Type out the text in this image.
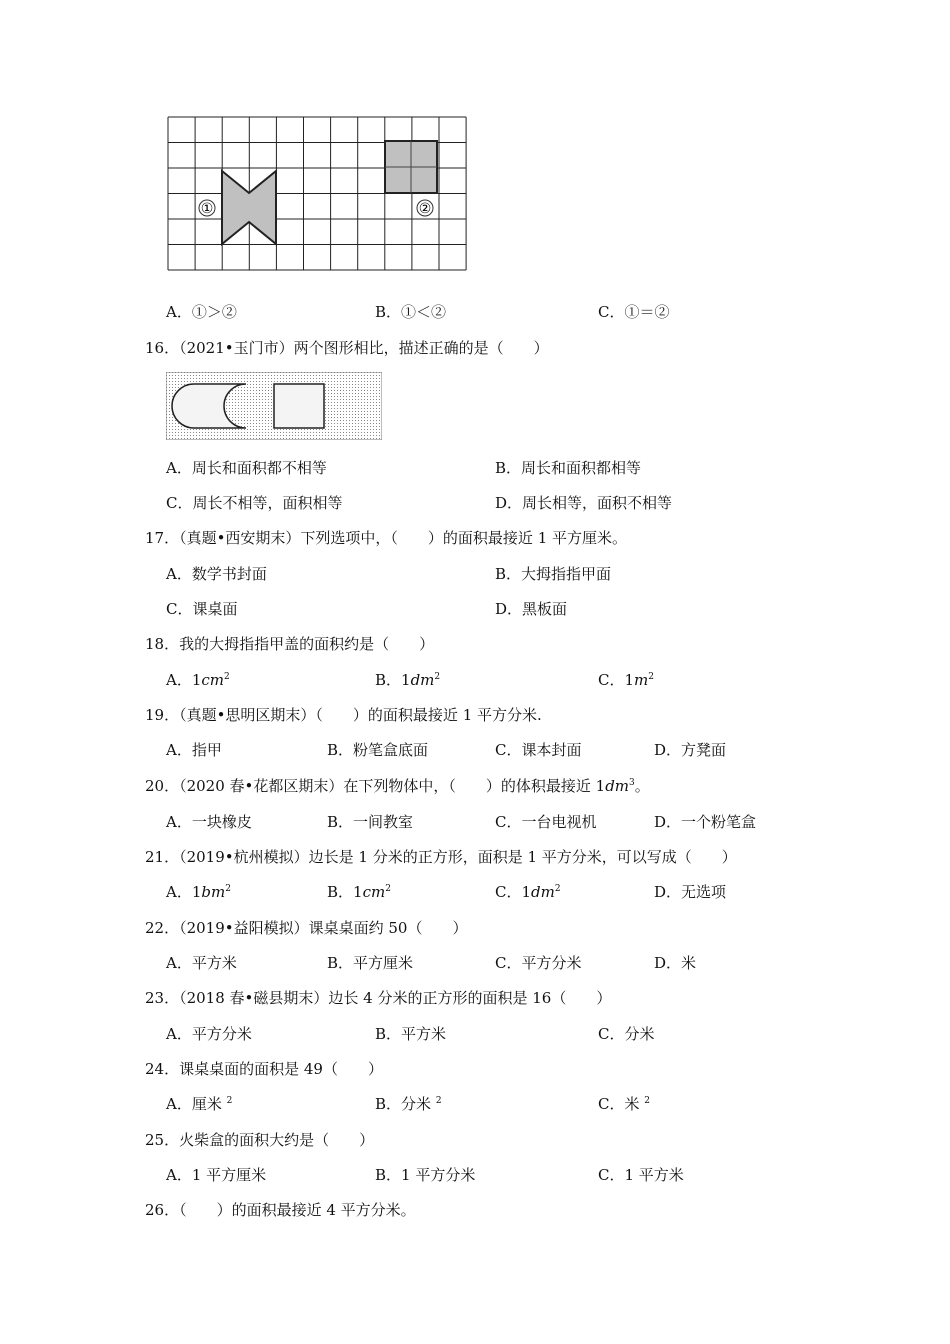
①	②
A．①＞②	B．①＜②	C．①＝②
16．（2021•玉门市）两个图形相比，描述正确的是（　　）
A．周长和面积都不相等	B．周长和面积都相等
C．周长不相等，面积相等	D．周长相等，面积不相等
17．（真题•西安期末）下列选项中，（　　）的面积最接近 1 平方厘米。
A．数学书封面	B．大拇指指甲面
C．课桌面	D．黑板面
18．我的大拇指指甲盖的面积约是（　　）
A．$1cm^2$	B．$1dm^2$	C．$1m^2$
19．（真题•思明区期末）（　　）的面积最接近 1 平方分米.
A．指甲	B．粉笔盒底面	C．课本封面	D．方凳面
20．（2020 春•花都区期末）在下列物体中，（　　）的体积最接近 $1dm^3$。
A．一块橡皮	B．一间教室	C．一台电视机	D．一个粉笔盒
21．（2019•杭州模拟）边长是 1 分米的正方形，面积是 1 平方分米，可以写成（　　）
A．$1bm^2$	B．$1cm^2$	C．$1dm^2$	D．无选项
22．（2019•益阳模拟）课桌桌面约 50（　　）
A．平方米	B．平方厘米	C．平方分米	D．米
23．（2018 春•磁县期末）边长 4 分米的正方形的面积是 16（　　）
A．平方分米	B．平方米	C．分米
24．课桌桌面的面积是 49（　　）
A．厘米 $^2$	B．分米 $^2$	C．米 $^2$
25．火柴盒的面积大约是（　　）
A．1 平方厘米	B．1 平方分米	C．1 平方米
26．（　　）的面积最接近 4 平方分米。
